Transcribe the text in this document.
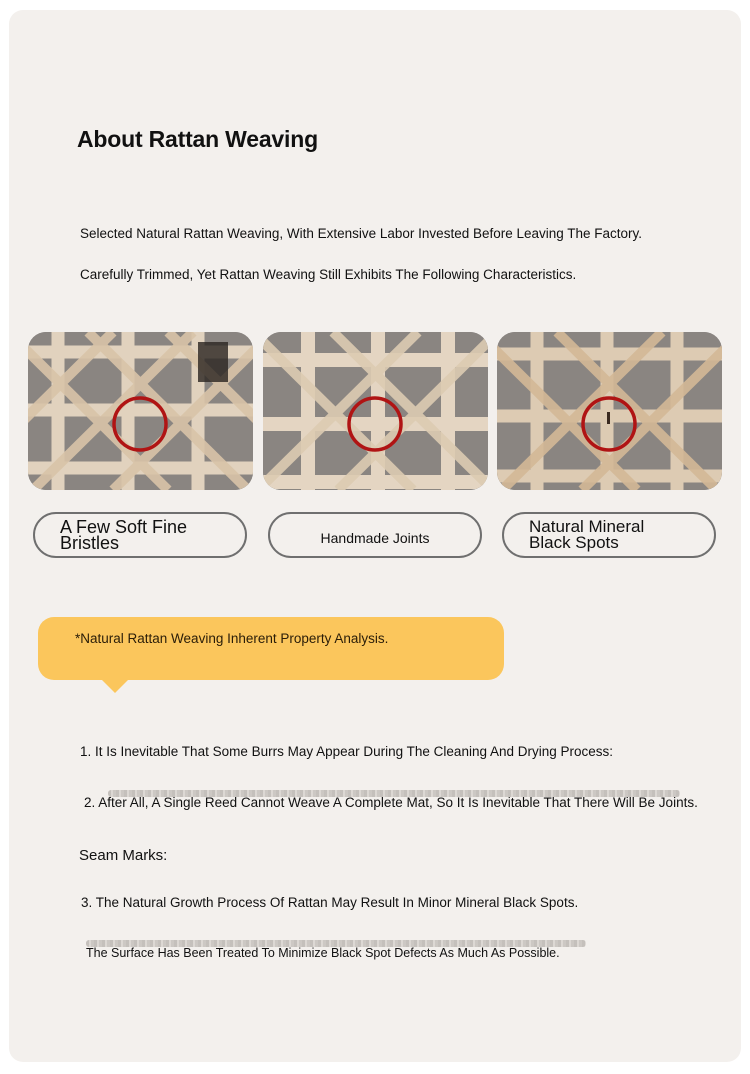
About Rattan Weaving
Selected Natural Rattan Weaving, With Extensive Labor Invested Before Leaving The Factory.
Carefully Trimmed, Yet Rattan Weaving Still Exhibits The Following Characteristics.
A Few Soft Fine
Bristles	Handmade Joints
Natural Mineral
Black Spots
*Natural Rattan Weaving Inherent Property Analysis.
1. It Is Inevitable That Some Burrs May Appear During The Cleaning And Drying Process:
2. After All, A Single Reed Cannot Weave A Complete Mat, So It Is Inevitable That There Will Be Joints.
Seam Marks:
3. The Natural Growth Process Of Rattan May Result In Minor Mineral Black Spots.
The Surface Has Been Treated To Minimize Black Spot Defects As Much As Possible.
